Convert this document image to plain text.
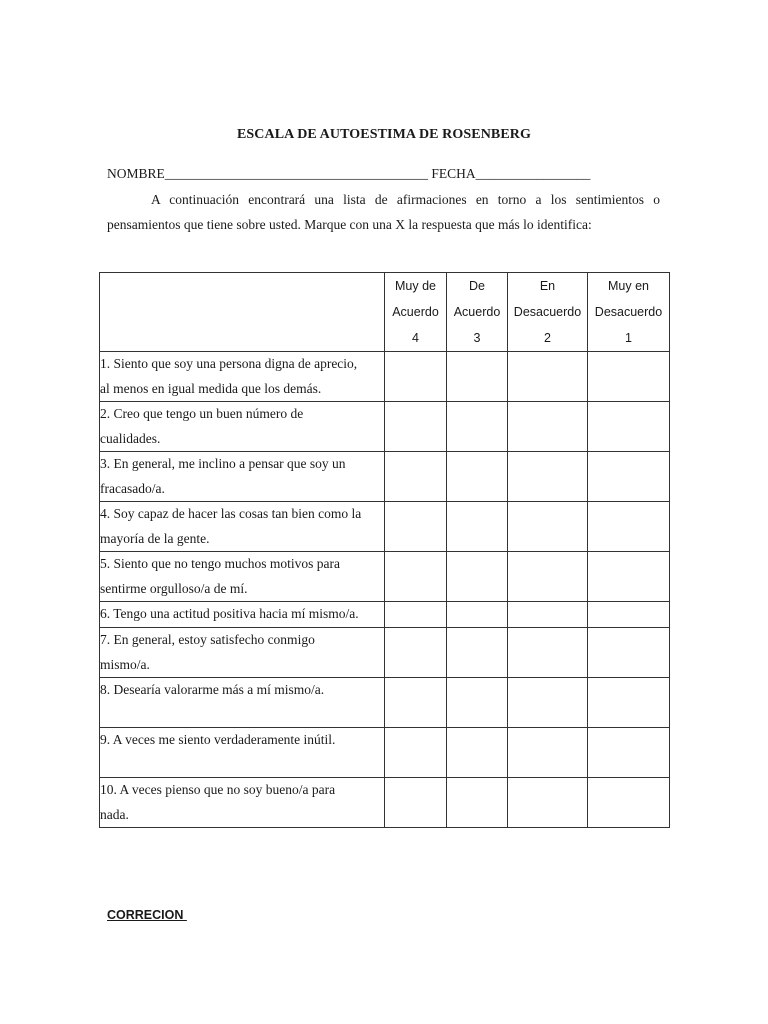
ESCALA DE AUTOESTIMA DE ROSENBERG
NOMBRE_______________________________________ FECHA_________________

A continuación encontrará una lista de afirmaciones en torno a los sentimientos o pensamientos que tiene sobre usted. Marque con una X la respuesta que más lo identifica:

	Muy de
Acuerdo
4	De
Acuerdo
3	En
Desacuerdo
2	Muy en
Desacuerdo
1

1. Siento que soy una persona digna de aprecio,
al menos en igual medida que los demás.				
2. Creo que tengo un buen número de
cualidades.				
3. En general, me inclino a pensar que soy un
fracasado/a.				
4. Soy capaz de hacer las cosas tan bien como la
mayoría de la gente.				
5. Siento que no tengo muchos motivos para
sentirme orgulloso/a de mí.				
6. Tengo una actitud positiva hacia mí mismo/a.				
7. En general, estoy satisfecho conmigo
mismo/a.				
8. Desearía valorarme más a mí mismo/a.				
9. A veces me siento verdaderamente inútil.				
10. A veces pienso que no soy bueno/a para
nada.				
CORRECION
